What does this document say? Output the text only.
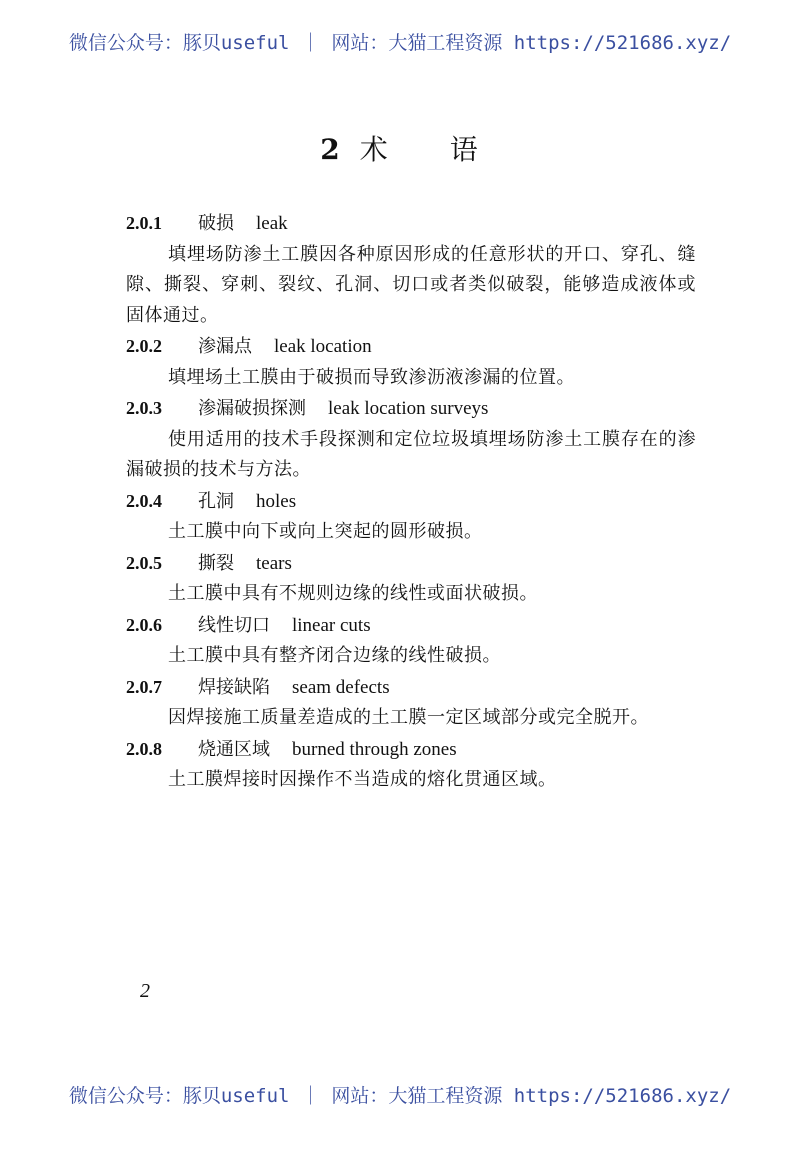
微信公众号：豚贝useful ｜ 网站：大猫工程资源 https://521686.xyz/
2 术 语
2.0.1 破损 leak
填埋场防渗土工膜因各种原因形成的任意形状的开口、穿孔、缝隙、撕裂、穿刺、裂纹、孔洞、切口或者类似破裂，能够造成液体或固体通过。
2.0.2 渗漏点 leak location
填埋场土工膜由于破损而导致渗沥液渗漏的位置。
2.0.3 渗漏破损探测 leak location surveys
使用适用的技术手段探测和定位垃圾填埋场防渗土工膜存在的渗漏破损的技术与方法。
2.0.4 孔洞 holes
土工膜中向下或向上突起的圆形破损。
2.0.5 撕裂 tears
土工膜中具有不规则边缘的线性或面状破损。
2.0.6 线性切口 linear cuts
土工膜中具有整齐闭合边缘的线性破损。
2.0.7 焊接缺陷 seam defects
因焊接施工质量差造成的土工膜一定区域部分或完全脱开。
2.0.8 烧通区域 burned through zones
土工膜焊接时因操作不当造成的熔化贯通区域。
2
微信公众号：豚贝useful ｜ 网站：大猫工程资源 https://521686.xyz/
